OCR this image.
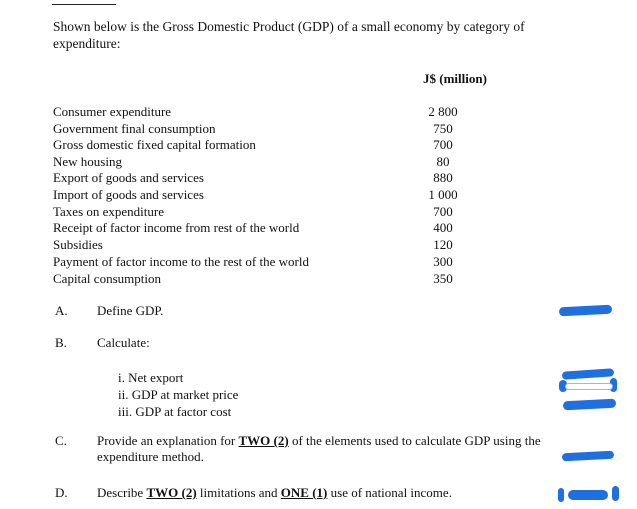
Shown below is the Gross Domestic Product (GDP) of a small economy by category of expenditure:
J$ (million)
Consumer expenditure	2 800
Government final consumption	750
Gross domestic fixed capital formation	700
New housing	80
Export of goods and services	880
Import of goods and services	1 000
Taxes on expenditure	700
Receipt of factor income from rest of the world	400
Subsidies	120
Payment of factor income to the rest of the world	300
Capital consumption	350
A. Define GDP.
B. Calculate:
i. Net export
ii. GDP at market price
iii. GDP at factor cost
C. Provide an explanation for TWO (2) of the elements used to calculate GDP using the
expenditure method.
D. Describe TWO (2) limitations and ONE (1) use of national income.
